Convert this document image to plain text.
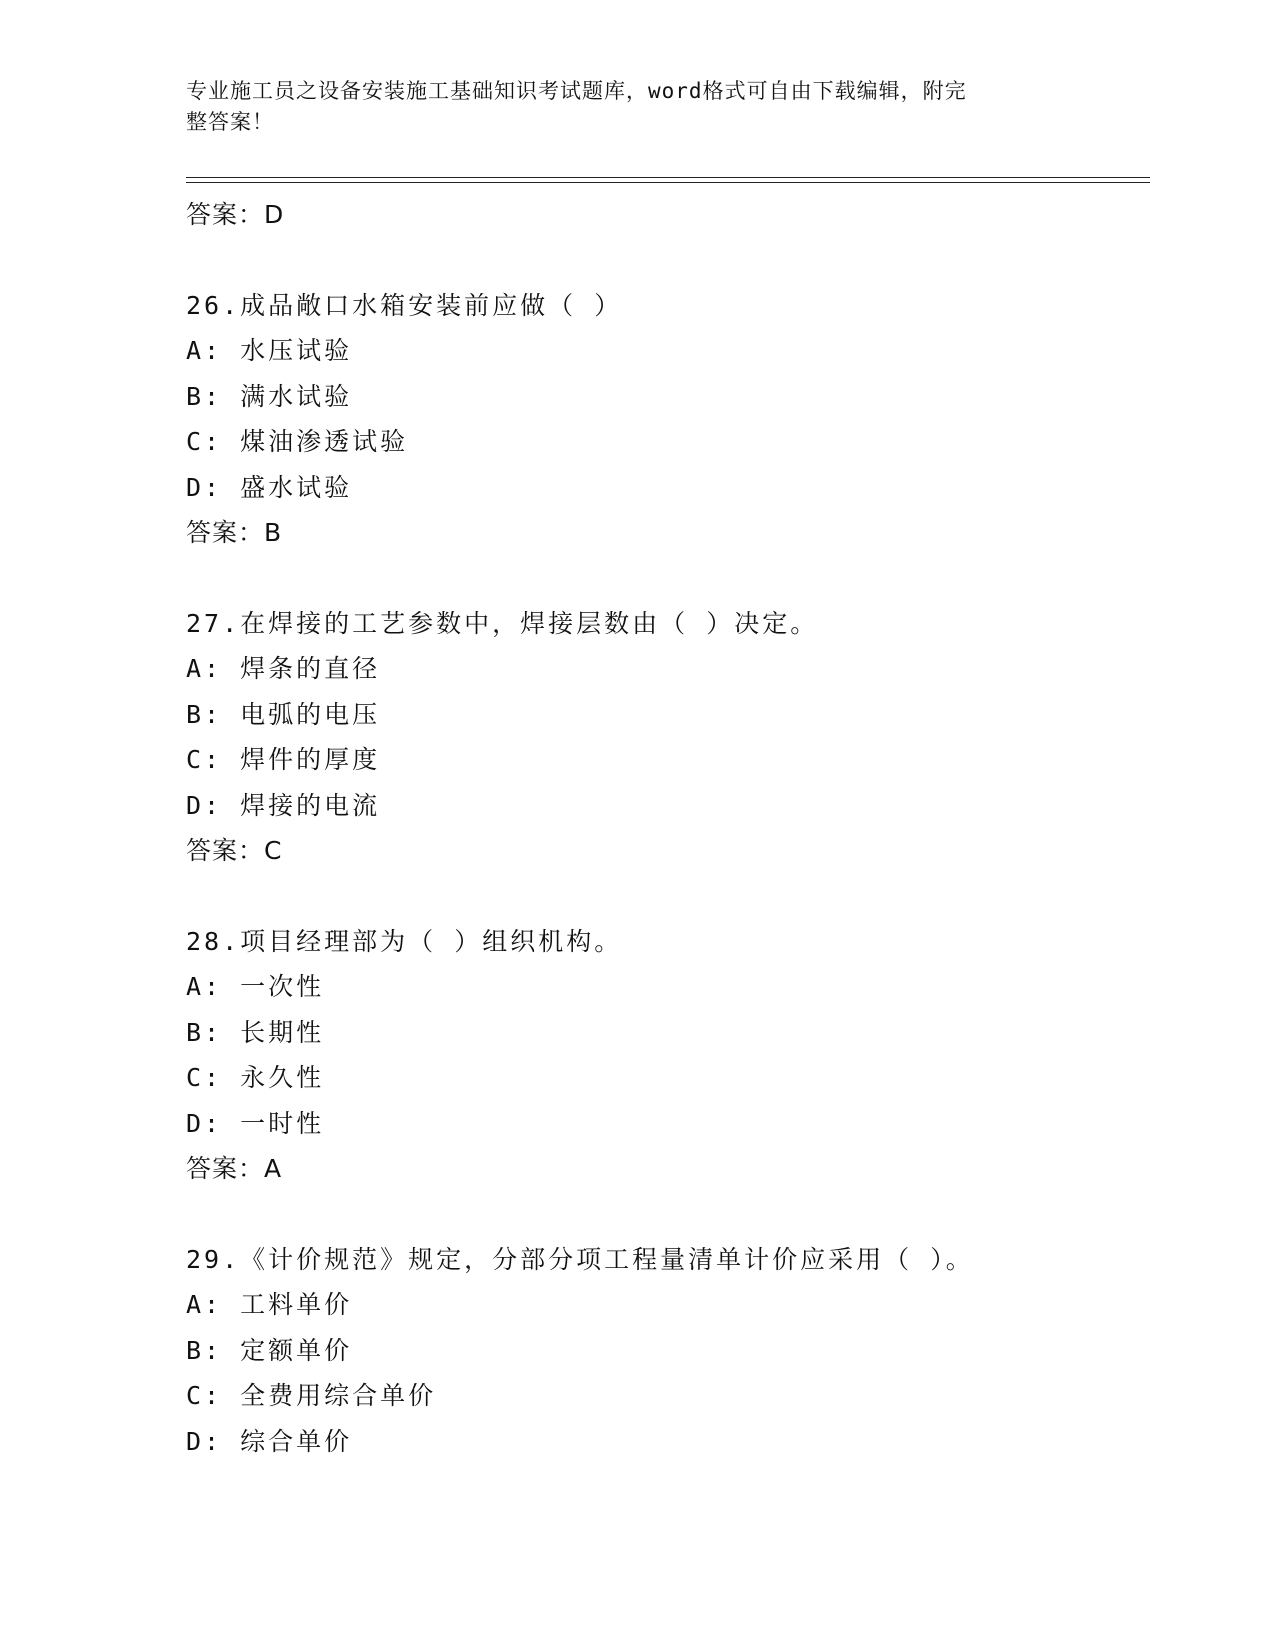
专业施工员之设备安装施工基础知识考试题库，word格式可自由下载编辑，附完
整答案！
答案：D
26.成品敞口水箱安装前应做（ ）
A: 水压试验
B: 满水试验
C: 煤油渗透试验
D: 盛水试验
答案：B
27.在焊接的工艺参数中，焊接层数由（ ）决定。
A: 焊条的直径
B: 电弧的电压
C: 焊件的厚度
D: 焊接的电流
答案：C
28.项目经理部为（ ）组织机构。
A: 一次性
B: 长期性
C: 永久性
D: 一时性
答案：A
29.《计价规范》规定，分部分项工程量清单计价应采用（ ）。
A: 工料单价
B: 定额单价
C: 全费用综合单价
D: 综合单价
